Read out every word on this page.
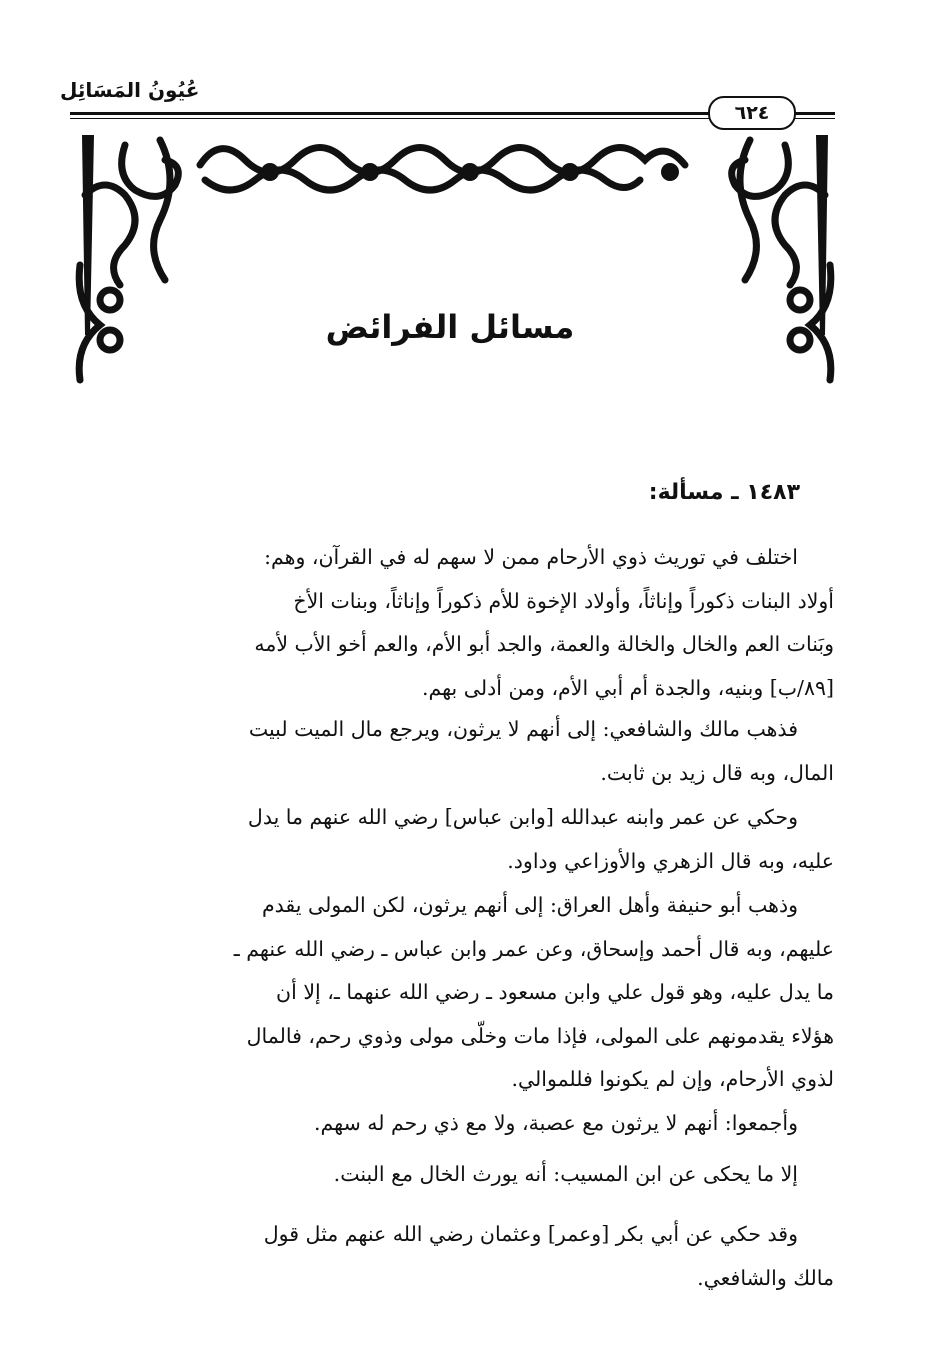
عُيُونُ المَسَائِل
٦٢٤
مسائل الفرائض
١٤٨٣ ـ مسألة:
اختلف في توريث ذوي الأرحام ممن لا سهم له في القرآن، وهم:
أولاد البنات ذكوراً وإناثاً، وأولاد الإخوة للأم ذكوراً وإناثاً، وبنات الأخ
وبَنات العم والخال والخالة والعمة، والجد أبو الأم، والعم أخو الأب لأمه
[٨٩/ب] وبنيه، والجدة أم أبي الأم، ومن أدلى بهم.
فذهب مالك والشافعي: إلى أنهم لا يرثون، ويرجع مال الميت لبيت
المال، وبه قال زيد بن ثابت.
وحكي عن عمر وابنه عبدالله [وابن عباس] رضي الله عنهم ما يدل
عليه، وبه قال الزهري والأوزاعي وداود.
وذهب أبو حنيفة وأهل العراق: إلى أنهم يرثون، لكن المولى يقدم
عليهم، وبه قال أحمد وإسحاق، وعن عمر وابن عباس ـ رضي الله عنهم ـ
ما يدل عليه، وهو قول علي وابن مسعود ـ رضي الله عنهما ـ، إلا أن
هؤلاء يقدمونهم على المولى، فإذا مات وخلّى مولى وذوي رحم، فالمال
لذوي الأرحام، وإن لم يكونوا فللموالي.
وأجمعوا: أنهم لا يرثون مع عصبة، ولا مع ذي رحم له سهم.
إلا ما يحكى عن ابن المسيب: أنه يورث الخال مع البنت.
وقد حكي عن أبي بكر [وعمر] وعثمان رضي الله عنهم مثل قول
مالك والشافعي.
